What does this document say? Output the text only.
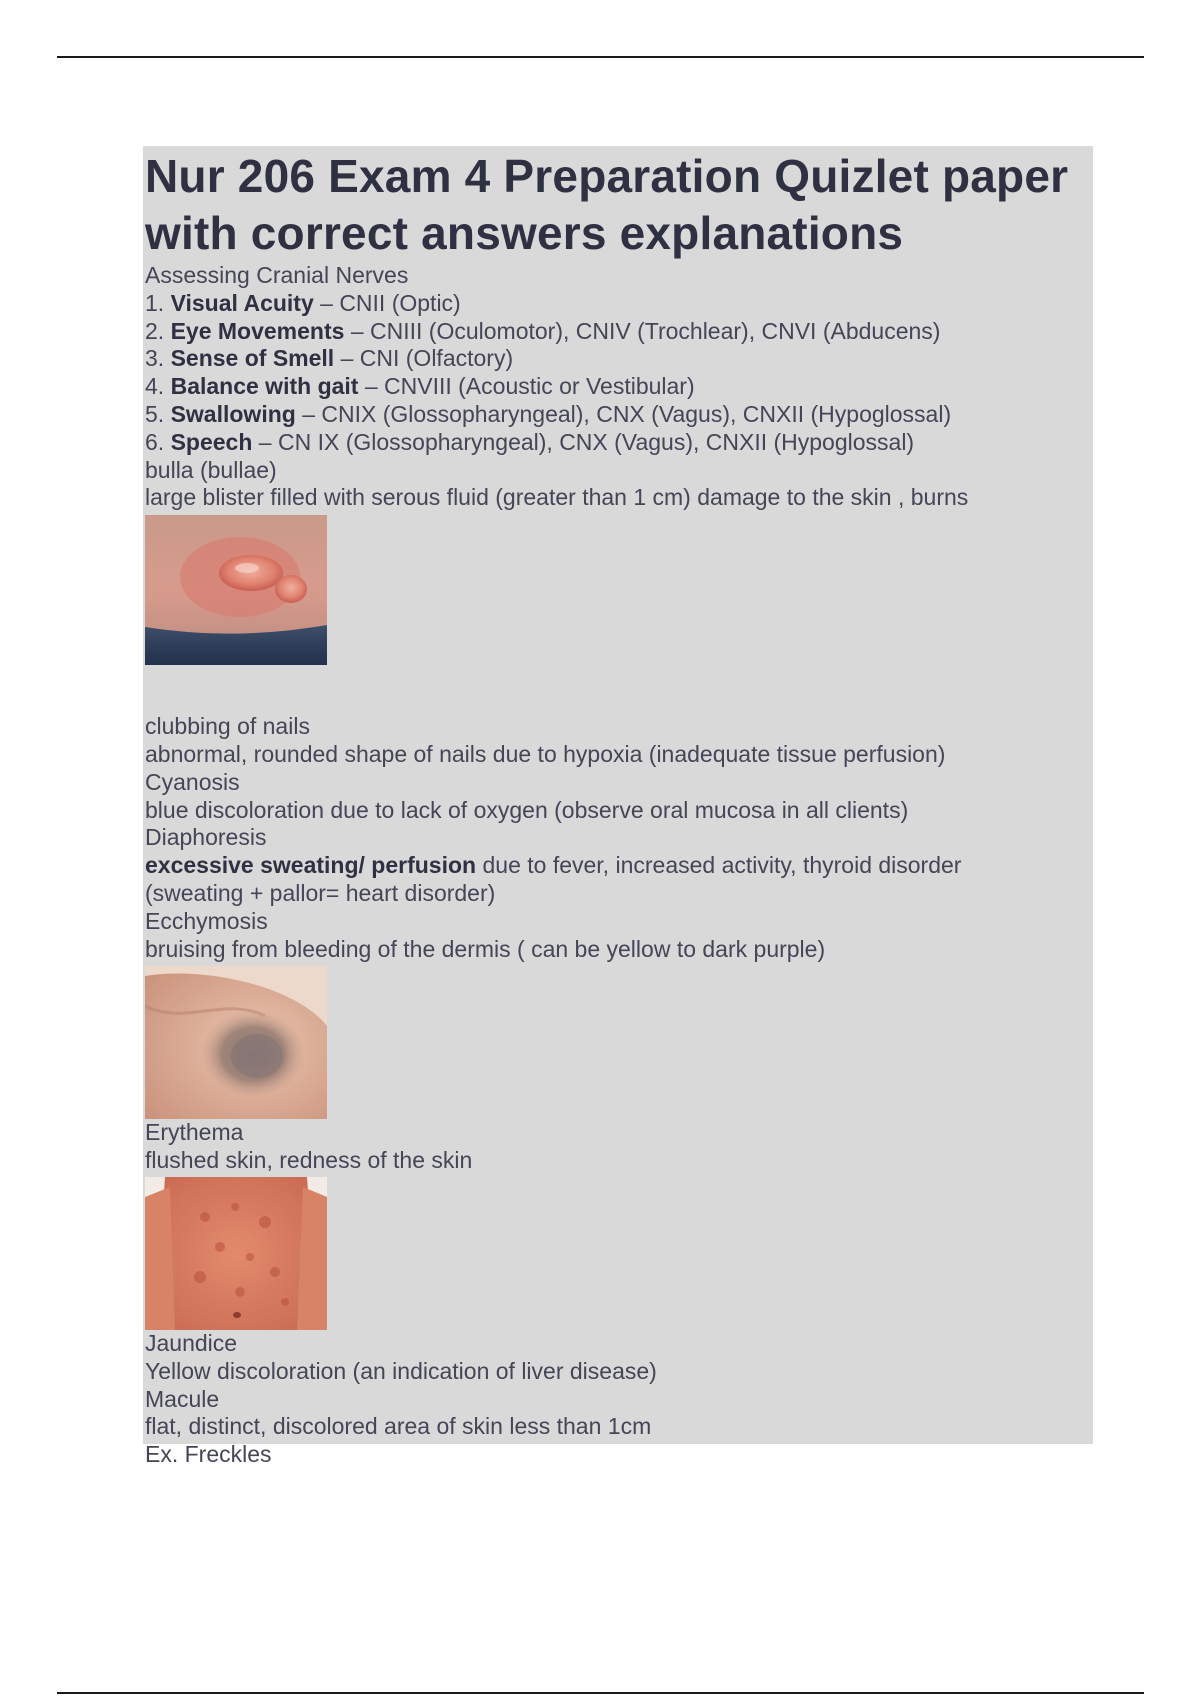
Nur 206 Exam 4 Preparation Quizlet paper with correct answers explanations
Assessing Cranial Nerves
1. Visual Acuity – CNII (Optic)
2. Eye Movements – CNIII (Oculomotor), CNIV (Trochlear), CNVI (Abducens)
3. Sense of Smell – CNI (Olfactory)
4. Balance with gait – CNVIII (Acoustic or Vestibular)
5. Swallowing – CNIX (Glossopharyngeal), CNX (Vagus), CNXII (Hypoglossal)
6. Speech – CN IX (Glossopharyngeal), CNX (Vagus), CNXII (Hypoglossal)
bulla (bullae)
large blister filled with serous fluid (greater than 1 cm) damage to the skin , burns
clubbing of nails
abnormal, rounded shape of nails due to hypoxia (inadequate tissue perfusion)
Cyanosis
blue discoloration due to lack of oxygen (observe oral mucosa in all clients)
Diaphoresis
excessive sweating/ perfusion due to fever, increased activity, thyroid disorder
(sweating + pallor= heart disorder)
Ecchymosis
bruising from bleeding of the dermis ( can be yellow to dark purple)
Erythema
flushed skin, redness of the skin
Jaundice
Yellow discoloration (an indication of liver disease)
Macule
flat, distinct, discolored area of skin less than 1cm
Ex. Freckles
